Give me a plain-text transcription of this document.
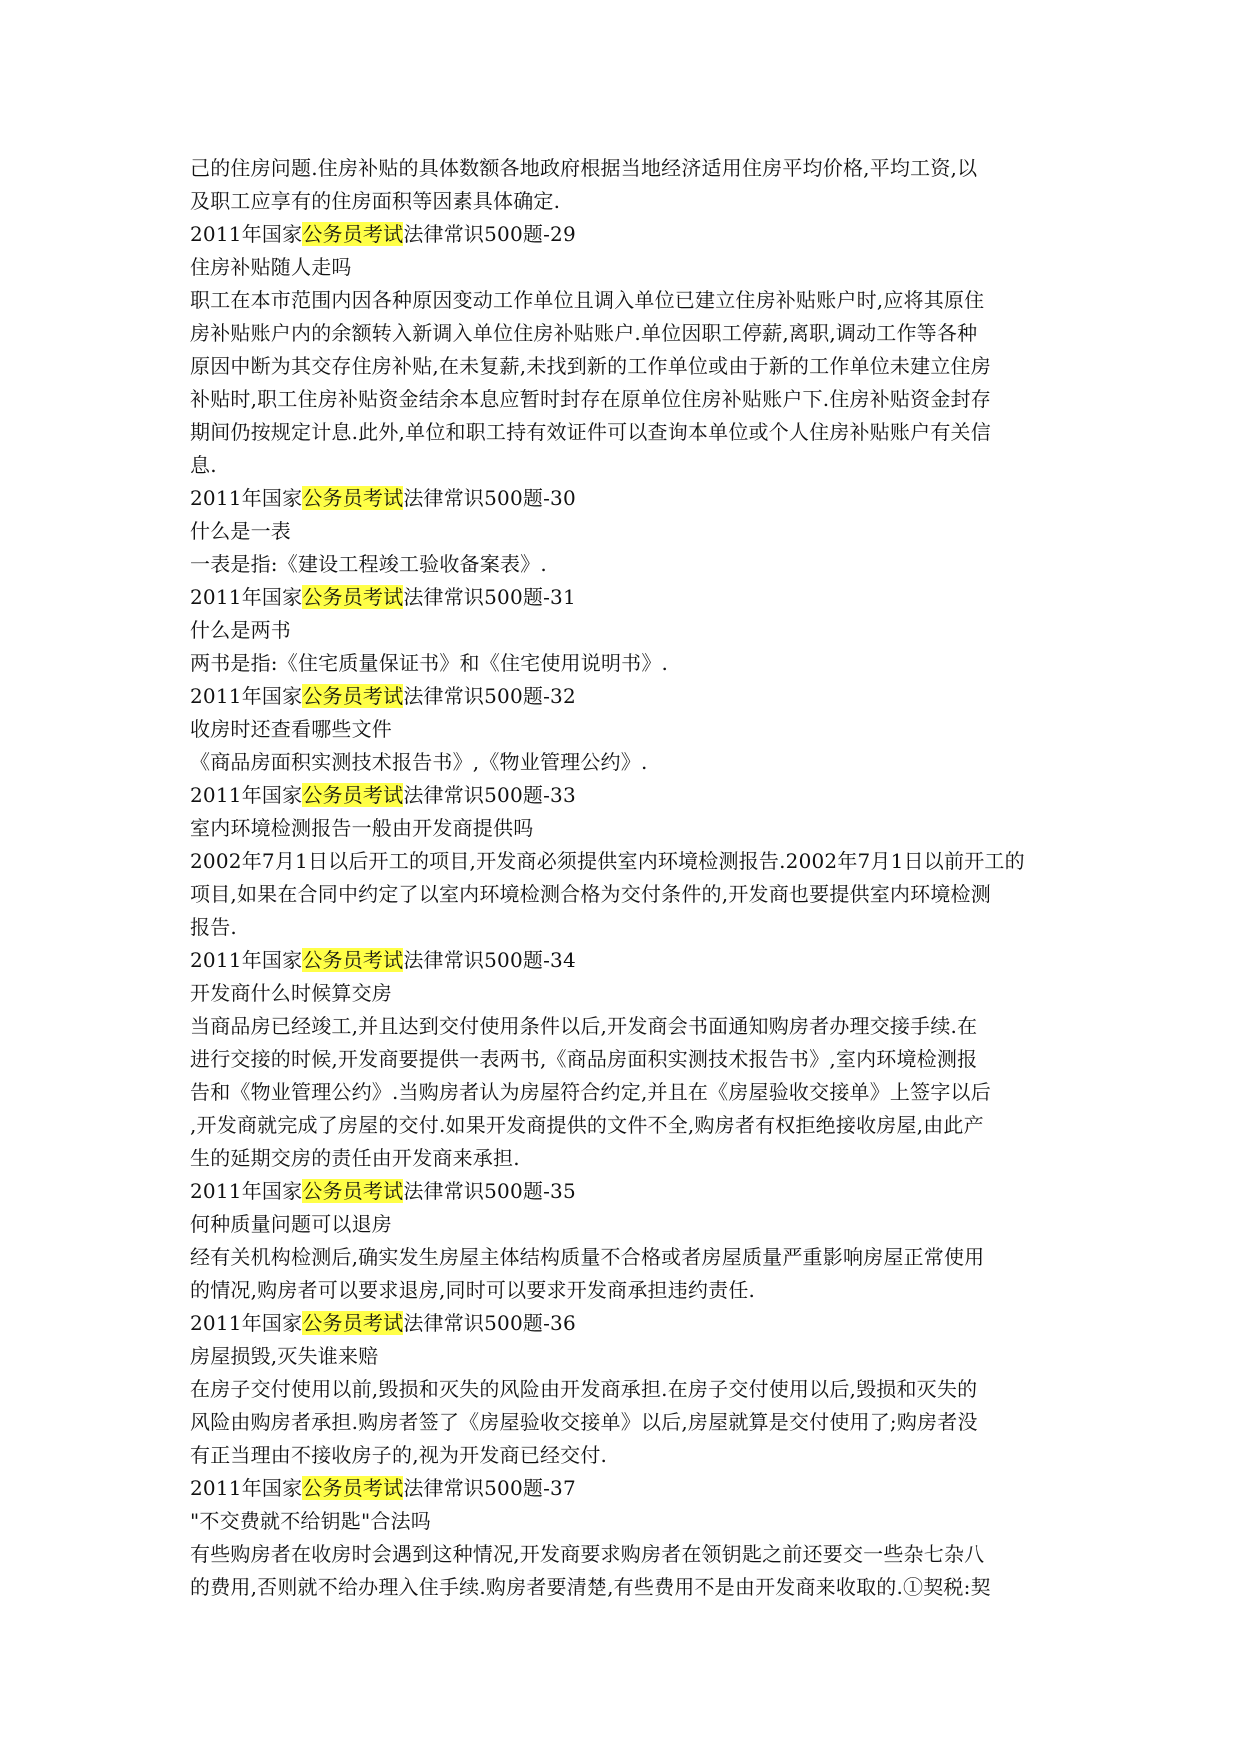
己的住房问题.住房补贴的具体数额各地政府根据当地经济适用住房平均价格,平均工资,以
及职工应享有的住房面积等因素具体确定.
2011年国家公务员考试法律常识500题-29
住房补贴随人走吗
职工在本市范围内因各种原因变动工作单位且调入单位已建立住房补贴账户时,应将其原住
房补贴账户内的余额转入新调入单位住房补贴账户.单位因职工停薪,离职,调动工作等各种
原因中断为其交存住房补贴,在未复薪,未找到新的工作单位或由于新的工作单位未建立住房
补贴时,职工住房补贴资金结余本息应暂时封存在原单位住房补贴账户下.住房补贴资金封存
期间仍按规定计息.此外,单位和职工持有效证件可以查询本单位或个人住房补贴账户有关信
息.
2011年国家公务员考试法律常识500题-30
什么是一表
一表是指:《建设工程竣工验收备案表》.
2011年国家公务员考试法律常识500题-31
什么是两书
两书是指:《住宅质量保证书》和《住宅使用说明书》.
2011年国家公务员考试法律常识500题-32
收房时还查看哪些文件
《商品房面积实测技术报告书》,《物业管理公约》.
2011年国家公务员考试法律常识500题-33
室内环境检测报告一般由开发商提供吗
2002年7月1日以后开工的项目,开发商必须提供室内环境检测报告.2002年7月1日以前开工的
项目,如果在合同中约定了以室内环境检测合格为交付条件的,开发商也要提供室内环境检测
报告.
2011年国家公务员考试法律常识500题-34
开发商什么时候算交房
当商品房已经竣工,并且达到交付使用条件以后,开发商会书面通知购房者办理交接手续.在
进行交接的时候,开发商要提供一表两书,《商品房面积实测技术报告书》,室内环境检测报
告和《物业管理公约》.当购房者认为房屋符合约定,并且在《房屋验收交接单》上签字以后
,开发商就完成了房屋的交付.如果开发商提供的文件不全,购房者有权拒绝接收房屋,由此产
生的延期交房的责任由开发商来承担.
2011年国家公务员考试法律常识500题-35
何种质量问题可以退房
经有关机构检测后,确实发生房屋主体结构质量不合格或者房屋质量严重影响房屋正常使用
的情况,购房者可以要求退房,同时可以要求开发商承担违约责任.
2011年国家公务员考试法律常识500题-36
房屋损毁,灭失谁来赔
在房子交付使用以前,毁损和灭失的风险由开发商承担.在房子交付使用以后,毁损和灭失的
风险由购房者承担.购房者签了《房屋验收交接单》以后,房屋就算是交付使用了;购房者没
有正当理由不接收房子的,视为开发商已经交付.
2011年国家公务员考试法律常识500题-37
"不交费就不给钥匙"合法吗
有些购房者在收房时会遇到这种情况,开发商要求购房者在领钥匙之前还要交一些杂七杂八
的费用,否则就不给办理入住手续.购房者要清楚,有些费用不是由开发商来收取的.①契税:契
